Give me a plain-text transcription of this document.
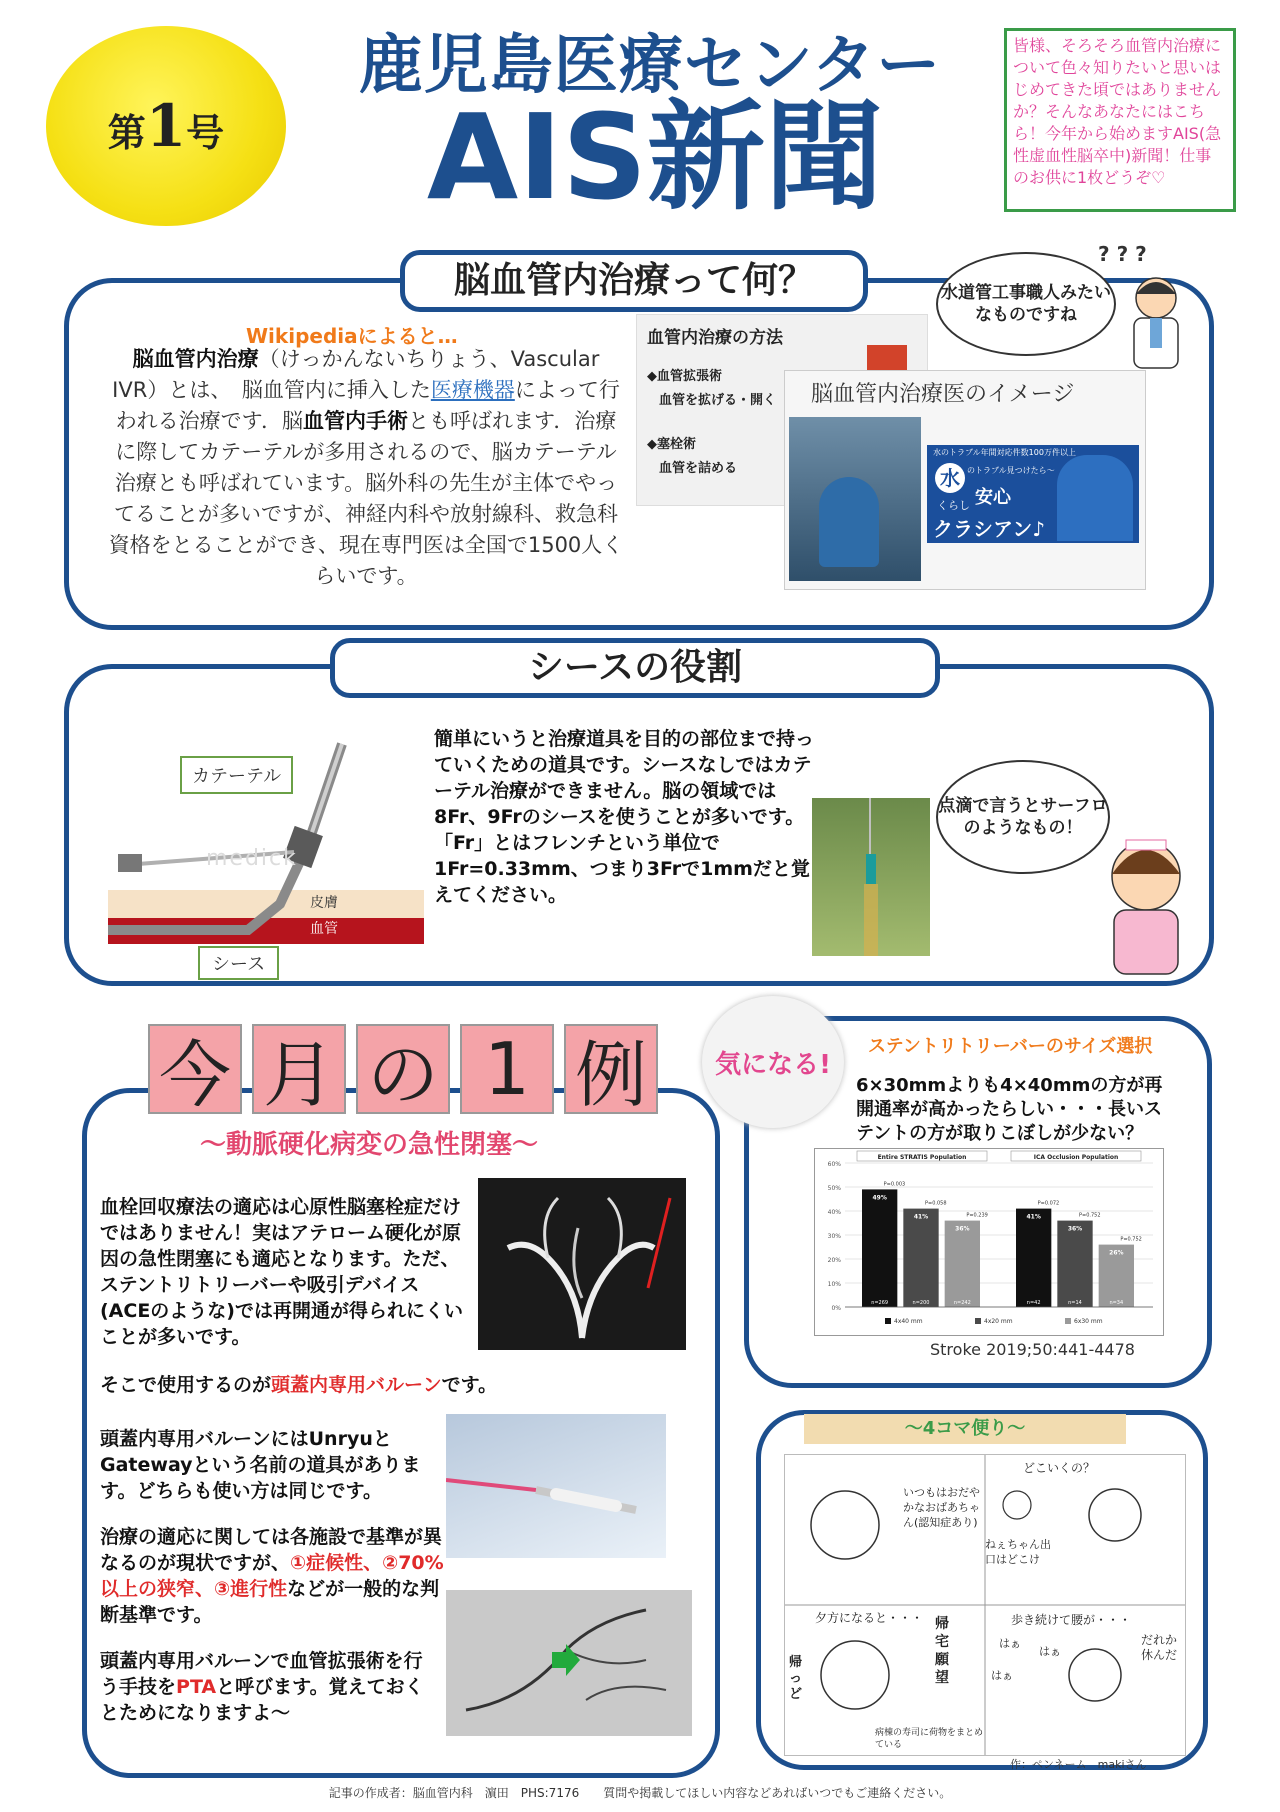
第1号
鹿児島医療センター
AIS新聞
皆様、そろそろ血管内治療について色々知りたいと思いはじめてきた頃ではありませんか？そんなあなたにはこちら！今年から始めますAIS(急性虚血性脳卒中)新聞！仕事のお供に1枚どうぞ♡
脳血管内治療って何？
Wikipediaによると…
脳血管内治療（けっかんないちりょう、Vascular IVR）とは、　脳血管内に挿入した医療機器によって行われる治療です．脳血管内手術とも呼ばれます．治療に際してカテーテルが多用されるので、脳カテーテル治療とも呼ばれています。脳外科の先生が主体でやってることが多いですが、神経内科や放射線科、救急科資格をとることができ、現在専門医は全国で1500人くらいです。
血管内治療の方法
◆血管拡張術
血管を拡げる・開く
◆塞栓術
血管を詰める
脳血管内治療医のイメージ
水のトラブル年間対応件数100万件以上
水 のトラブル見つけたら～
くらし 安心
クラシアン♪
水道管工事職人みたいなものですね
? ? ?
シースの役割
カテーテル
シース
皮膚
血管
medick
簡単にいうと治療道具を目的の部位まで持っていくための道具です。シースなしではカテーテル治療ができません。脳の領域では8Fr、9Frのシースを使うことが多いです。「Fr」とはフレンチという単位で1Fr=0.33mm、つまり3Frで1mmだと覚えてください。
点滴で言うとサーフロのようなもの！
今 月 の 1 例
～動脈硬化病変の急性閉塞～
血栓回収療法の適応は心原性脳塞栓症だけではありません！実はアテローム硬化が原因の急性閉塞にも適応となります。ただ、ステントリトリーバーや吸引デバイス(ACEのような)では再開通が得られにくいことが多いです。
そこで使用するのが頭蓋内専用バルーンです。
頭蓋内専用バルーンにはUnryuとGatewayという名前の道具があります。どちらも使い方は同じです。
治療の適応に関しては各施設で基準が異なるのが現状ですが、①症候性、②70%以上の狭窄、③進行性などが一般的な判断基準です。
頭蓋内専用バルーンで血管拡張術を行う手技をPTAと呼びます。覚えておくとためになりますよ～
気になる!
ステントリトリーバーのサイズ選択
6×30mmよりも4×40mmの方が再開通率が高かったらしい・・・長いステントの方が取りこぼしが少ない？
0%
10%
20%
30%
40%
50%
60%
Entire STRATIS Population
49%
n=269
P=0.003
41%
n=200
P=0.058
36%
n=242
P=0.239
ICA Occlusion Population
41%
n=42
P=0.072
36%
n=14
P=0.752
26%
n=34
P=0.752
4x40 mm	4x20 mm	6x30 mm
Stroke 2019;50:441-4478
～4コマ便り～
いつもはおだやかなおばあちゃん(認知症あり)
どこいくの？
ねぇちゃん出口はどこけ
夕方になると・・・
帰っど
帰宅願望
病棟の寿司に荷物をまとめている
歩き続けて腰が・・・
はぁ
はぁ
はぁ
だれか休んだ
作：ペンネーム　makiさん
記事の作成者：脳血管内科　濵田　PHS:7176　　質問や掲載してほしい内容などあればいつでもご連絡ください。
